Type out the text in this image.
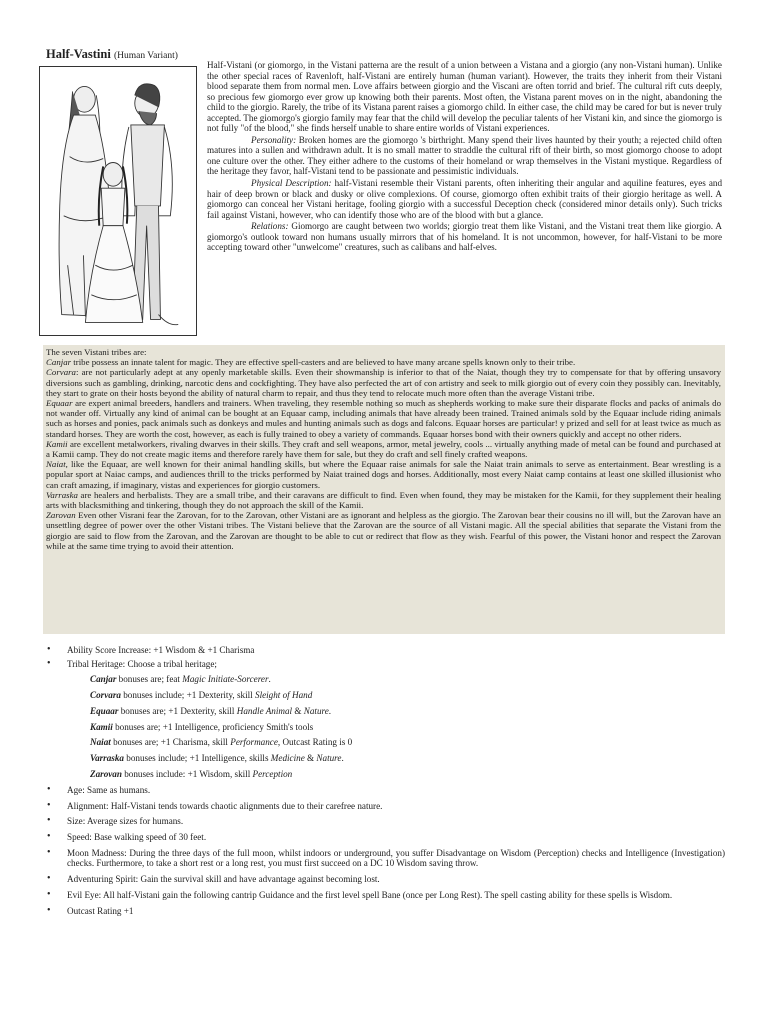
Half-Vastini (Human Variant)

Half-Vistani (or giomorgo, in the Vistani patterna are the result of a union between a Vistana and a giorgio (any non-Vistani human). Unlike the other special races of Ravenloft, half-Vistani are entirely human (human variant). However, the traits they inherit from their Vistani blood separate them from normal men. Love affairs between giorgio and the Viscani are often torrid and brief. The cultural rift cuts deeply, so precious few giomorgo ever grow up knowing both their parents. Most often, the Vistana parent moves on in the night, abandoning the child to the giorgio. Rarely, the tribe of its Vistana parent raises a giomorgo child. In either case, the child may be cared for but is never truly accepted. The giomorgo's giorgio family may fear that the child will develop the peculiar talents of her Vistani kin, and since the giomorgo is not fully "of the blood," she finds herself unable to share entire worlds of Vistani experiences.

Personality: Broken homes are the giomorgo 's birthright. Many spend their lives haunted by their youth; a rejected child often matures into a sullen and withdrawn adult. It is no small matter to straddle the cultural rift of their birth, so most giomorgo choose to adopt one culture over the other. They either adhere to the customs of their homeland or wrap themselves in the Vistani mystique. Regardless of the heritage they favor, half-Vistani tend to be passionate and pessimistic individuals.

Physical Description: half-Vistani resemble their Vistani parents, often inheriting their angular and aquiline features, eyes and hair of deep brown or black and dusky or olive complexions. Of course, giomorgo often exhibit traits of their giorgio heritage as well. A giomorgo can conceal her Vistani heritage, fooling giorgio with a successful Deception check (considered minor details only). Such tricks fail against Vistani, however, who can identify those who are of the blood with but a glance.

Relations: Giomorgo are caught between two worlds; giorgio treat them like Vistani, and the Vistani treat them like giorgio. A giomorgo's outlook toward non humans usually mirrors that of his homeland. It is not uncommon, however, for half-Vistani to be more accepting toward other "unwelcome" creatures, such as calibans and half-elves.

The seven Vistani tribes are:

Canjar tribe possess an innate talent for magic. They are effective spell-casters and are believed to have many arcane spells known only to their tribe.

Corvara: are not particularly adept at any openly marketable skills. Even their showmanship is inferior to that of the Naiat, though they try to compensate for that by offering unsavory diversions such as gambling, drinking, narcotic dens and cockfighting. They have also perfected the art of con artistry and seek to milk giorgio out of every coin they possibly can. Inevitably, they start to grate on their hosts beyond the ability of natural charm to repair, and thus they tend to relocate much more often than the average Vistani tribe.

Equaar are expert animal breeders, handlers and trainers. When traveling, they resemble nothing so much as shepherds working to make sure their disparate flocks and packs of animals do not wander off. Virtually any kind of animal can be bought at an Equaar camp, including animals that have already been trained. Trained animals sold by the Equaar include riding animals such as horses and ponies, pack animals such as donkeys and mules and hunting animals such as dogs and falcons. Equaar horses are particular! y prized and sell for at least twice as much as standard horses. They are worth the cost, however, as each is fully trained to obey a variety of commands. Equaar horses bond with their owners quickly and accept no other riders.

Kamii are excellent metalworkers, rivaling dwarves in their skills. They craft and sell weapons, armor, metal jewelry, cools ... virtually anything made of metal can be found and purchased at a Kamii camp. They do not create magic items and therefore rarely have them for sale, but they do craft and sell finely crafted weapons.

Naiat, like the Equaar, are well known for their animal handling skills, but where the Equaar raise animals for sale the Naiat train animals to serve as entertainment. Bear wrestling is a popular sport at Naiac camps, and audiences thrill to the tricks performed by Naiat trained dogs and horses. Additionally, most every Naiat camp contains at least one skilled illusionist who can craft amazing, if imaginary, vistas and experiences for giorgio customers.

Varraska are healers and herbalists. They are a small tribe, and their caravans are difficult to find. Even when found, they may be mistaken for the Kamii, for they supplement their healing arts with blacksmithing and tinkering, though they do not approach the skill of the Kamii.

Zarovan Even other Visrani fear the Zarovan, for to the Zarovan, other Vistani are as ignorant and helpless as the giorgio. The Zarovan bear their cousins no ill will, but the Zarovan have an unsettling degree of power over the other Vistani tribes. The Vistani believe that the Zarovan are the source of all Vistani magic. All the special abilities that separate the Vistani from the giorgio are said to flow from the Zarovan, and the Zarovan are thought to be able to cut or redirect that flow as they wish. Fearful of this power, the Vistani honor and respect the Zarovan while at the same time trying to avoid their attention.

• Ability Score Increase: +1 Wisdom & +1 Charisma
• Tribal Heritage: Choose a tribal heritage;
Canjar bonuses are; feat Magic Initiate-Sorcerer.
Corvara bonuses include; +1 Dexterity, skill Sleight of Hand
Equaar bonuses are; +1 Dexterity, skill Handle Animal & Nature.
Kamii bonuses are; +1 Intelligence, proficiency Smith's tools
Naiat bonuses are; +1 Charisma, skill Performance, Outcast Rating is 0
Varraska bonuses include; +1 Intelligence, skills Medicine & Nature.
Zarovan bonuses include: +1 Wisdom, skill Perception
• Age: Same as humans.
• Alignment: Half-Vistani tends towards chaotic alignments due to their carefree nature.
• Size: Average sizes for humans.
• Speed: Base walking speed of 30 feet.
• Moon Madness: During the three days of the full moon, whilst indoors or underground, you suffer Disadvantage on Wisdom (Perception) checks and Intelligence (Investigation) checks. Furthermore, to take a short rest or a long rest, you must first succeed on a DC 10 Wisdom saving throw.
• Adventuring Spirit: Gain the survival skill and have advantage against becoming lost.
• Evil Eye: All half-Vistani gain the following cantrip Guidance and the first level spell Bane (once per Long Rest). The spell casting ability for these spells is Wisdom.
• Outcast Rating +1
